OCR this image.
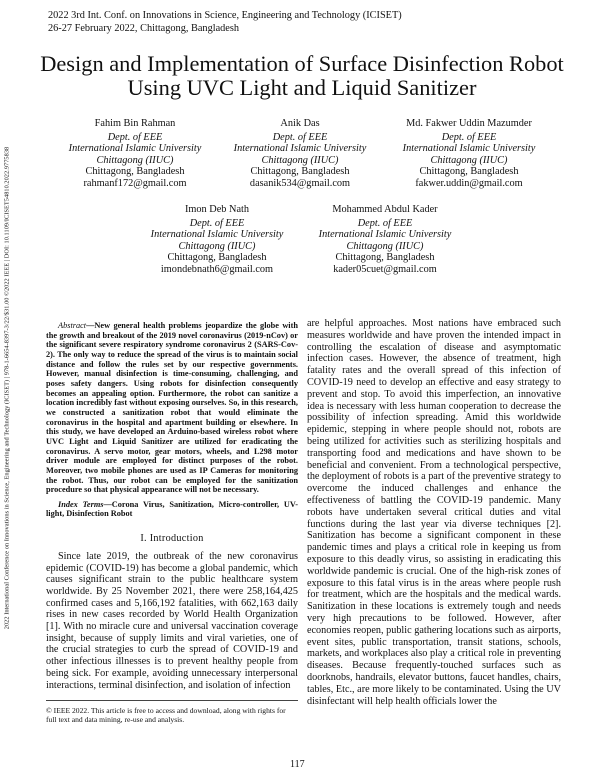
2022 3rd Int. Conf. on Innovations in Science, Engineering and Technology (ICISET)
26-27 February 2022, Chittagong, Bangladesh
2022 International Conference on Innovations in Science, Engineering and Technology (ICISET) | 978-1-6654-8397-3/22/$31.00 ©2022 IEEE | DOI: 10.1109/ICISET54810.2022.9775838
Design and Implementation of Surface Disinfection Robot Using UVC Light and Liquid Sanitizer
Fahim Bin Rahman
Dept. of EEE
International Islamic University
Chittagong (IIUC)
Chittagong, Bangladesh
rahmanf172@gmail.com
Anik Das
Dept. of EEE
International Islamic University
Chittagong (IIUC)
Chittagong, Bangladesh
dasanik534@gmail.com
Md. Fakwer Uddin Mazumder
Dept. of EEE
International Islamic University
Chittagong (IIUC)
Chittagong, Bangladesh
fakwer.uddin@gmail.com
Imon Deb Nath
Dept. of EEE
International Islamic University
Chittagong (IIUC)
Chittagong, Bangladesh
imondebnath6@gmail.com
Mohammed Abdul Kader
Dept. of EEE
International Islamic University
Chittagong (IIUC)
Chittagong, Bangladesh
kader05cuet@gmail.com

Abstract—New general health problems jeopardize the globe with the growth and breakout of the 2019 novel coronavirus (2019-nCov) or the significant severe respiratory syndrome coronavirus 2 (SARS-Cov-2). The only way to reduce the spread of the virus is to maintain social distance and follow the rules set by our respective governments. However, manual disinfection is time-consuming, challenging, and poses safety dangers. Using robots for disinfection consequently becomes an appealing option. Furthermore, the robot can sanitize a location incredibly fast without exposing ourselves. So, in this research, we constructed a sanitization robot that would eliminate the coronavirus in the hospital and apartment building or elsewhere. In this study, we have developed an Arduino-based wireless robot where UVC Light and Liquid Sanitizer are utilized for eradicating the coronavirus. A servo motor, gear motors, wheels, and L298 motor driver module are employed for distinct purposes of the robot. Moreover, two mobile phones are used as IP Cameras for monitoring the robot. Thus, our robot can be employed for the sanitization procedure so that physical appearance will not be necessary.

Index Terms—Corona Virus, Sanitization, Micro-controller, UV-light, Disinfection Robot

I. Introduction

Since late 2019, the outbreak of the new coronavirus epidemic (COVID-19) has become a global pandemic, which causes significant strain to the public healthcare system worldwide. By 25 November 2021, there were 258,164,425 confirmed cases and 5,166,192 fatalities, with 662,163 daily rises in new cases recorded by World Health Organization [1]. With no miracle cure and universal vaccination coverage insight, because of supply limits and viral varieties, one of the crucial strategies to curb the spread of COVID-19 and other infectious illnesses is to prevent healthy people from being sick. For example, avoiding unnecessary interpersonal interactions, terminal disinfection, and isolation of infection

are helpful approaches. Most nations have embraced such measures worldwide and have proven the intended impact in controlling the escalation of disease and asymptomatic infection cases. However, the absence of treatment, high fatality rates and the overall spread of this infection of COVID-19 need to develop an effective and easy strategy to prevent and stop. To avoid this imperfection, an innovative idea is necessary with less human cooperation to decrease the possibility of infection spreading. Amid this worldwide epidemic, stepping in where people should not, robots are being utilized for activities such as sterilizing hospitals and transporting food and medications and have shown to be beneficial and convenient. From a technological perspective, the deployment of robots is a part of the preventive strategy to overcome the induced challenges and enhance the effectiveness of battling the COVID-19 pandemic. Many robots have undertaken several critical duties and vital functions during the last year via diverse techniques [2]. Sanitization has become a significant component in these pandemic times and plays a critical role in keeping us from exposure to this deadly virus, so assisting in eradicating this worldwide pandemic is crucial. One of the high-risk zones of exposure to this fatal virus is in the areas where people rush for treatment, which are the hospitals and the medical wards. Sanitization in these locations is extremely tough and needs very high precautions to be followed. However, after economies reopen, public gathering locations such as airports, event sites, public transportation, transit stations, schools, markets, and workplaces also play a critical role in preventing diseases. Because frequently-touched surfaces such as doorknobs, handrails, elevator buttons, faucet handles, chairs, tables, Etc., are more likely to be contaminated. Using the UV disinfectant will help health officials lower the

© IEEE 2022. This article is free to access and download, along with rights for full text and data mining, re-use and analysis.
117
